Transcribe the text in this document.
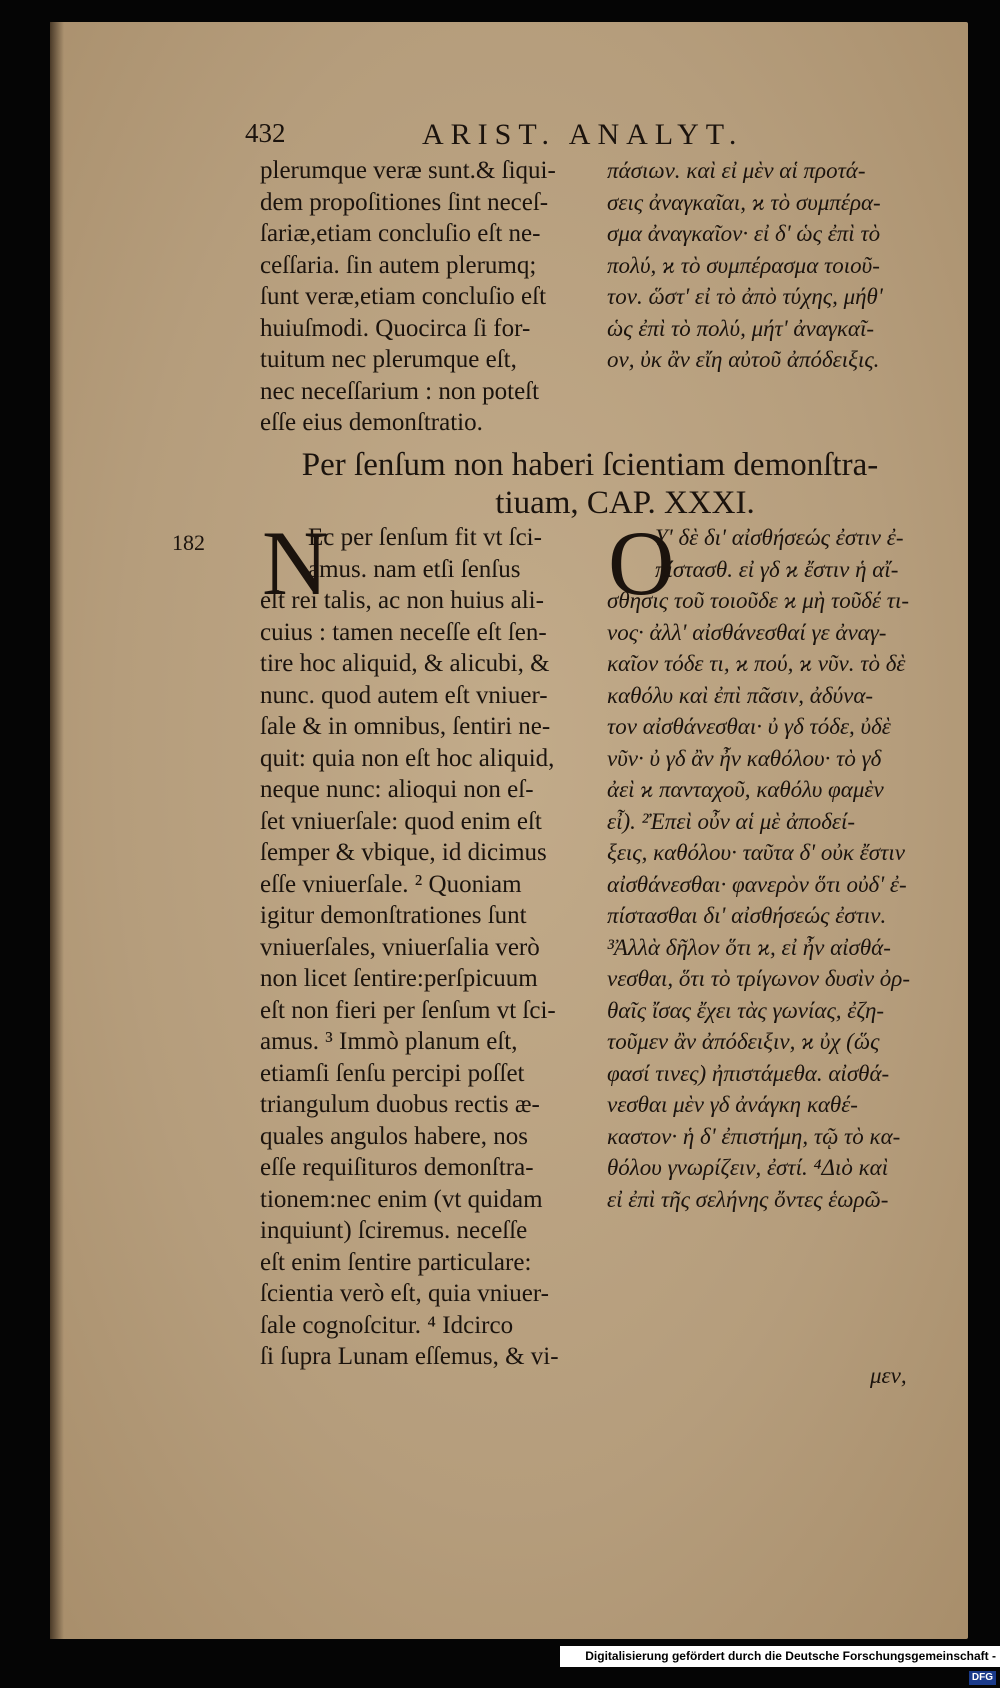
432	ARIST. ANALYT.
plerumque veræ sunt.& ſiqui-
dem propoſitiones ſint neceſ-
ſariæ,etiam concluſio eſt ne-
ceſſaria. ſin autem plerumq;
ſunt veræ,etiam concluſio eſt
huiuſmodi. Quocirca ſi for-
tuitum nec plerumque eſt,
nec neceſſarium : non poteſt
eſſe eius demonſtratio.
πάσιων. καὶ εἰ μὲν αἱ προτά-
σεις ἀναγκαῖαι, ϰ τὸ συμπέρα-
σμα ἀναγκαῖον· εἰ δ' ὡς ἐπὶ τὸ
πολύ, ϰ τὸ συμπέρασμα τοιοῦ-
τον. ὥστ' εἰ τὸ ἀπὸ τύχης, μήθ'
ὡς ἐπὶ τὸ πολύ, μήτ' ἀναγκαῖ-
ον, ὐκ ἂν εἴη αὐτοῦ ἀπόδειξις.
Per ſenſum non haberi ſcientiam demonſtra-
tiuam, CAP. XXXI.
182 N
Ec per ſenſum fit vt ſci-
amus. nam etſi ſenſus
eſt rei talis, ac non huius ali-
cuius : tamen neceſſe eſt ſen-
tire hoc aliquid, & alicubi, &
nunc. quod autem eſt vniuer-
ſale & in omnibus, ſentiri ne-
quit: quia non eſt hoc aliquid,
neque nunc: alioqui non eſ-
ſet vniuerſale: quod enim eſt
ſemper & vbique, id dicimus
eſſe vniuerſale. ² Quoniam
igitur demonſtrationes ſunt
vniuerſales, vniuerſalia verò
non licet ſentire:perſpicuum
eſt non fieri per ſenſum vt ſci-
amus. ³ Immò planum eſt,
etiamſi ſenſu percipi poſſet
triangulum duobus rectis æ-
quales angulos habere, nos
eſſe requiſituros demonſtra-
tionem:nec enim (vt quidam
inquiunt) ſciremus. neceſſe
eſt enim ſentire particulare:
ſcientia verò eſt, quia vniuer-
ſale cognoſcitur. ⁴ Idcirco
ſi ſupra Lunam eſſemus, & vi-
O
Υ' δὲ δι' αἰσθήσεώς ἐστιν ἐ-
πίστασθ. εἰ γδ ϰ ἔστιν ἡ αἴ-
σθησις τοῦ τοιοῦδε ϰ μὴ τοῦδέ τι-
νος· ἀλλ' αἰσθάνεσθαί γε ἀναγ-
καῖον τόδε τι, ϰ πού, ϰ νῦν. τὸ δὲ
καθόλυ καὶ ἐπὶ πᾶσιν, ἀδύνα-
τον αἰσθάνεσθαι· ὐ γδ τόδε, ὐδὲ
νῦν· ὐ γδ ἂν ἦν καθόλου· τὸ γδ
ἀεὶ ϰ πανταχοῦ, καθόλυ φαμὲν
εἶ). ²Ἐπεὶ οὖν αἱ μὲ ἀποδεί-
ξεις, καθόλου· ταῦτα δ' οὐκ ἔστιν
αἰσθάνεσθαι· φανερὸν ὅτι οὐδ' ἐ-
πίστασθαι δι' αἰσθήσεώς ἐστιν.
³Ἀλλὰ δῆλον ὅτι ϰ, εἰ ἦν αἰσθά-
νεσθαι, ὅτι τὸ τρίγωνον δυσὶν ὀρ-
θαῖς ἴσας ἔχει τὰς γωνίας, ἐζη-
τοῦμεν ἂν ἀπόδειξιν, ϰ ὐχ (ὥς
φασί τινες) ἠπιστάμεθα. αἰσθά-
νεσθαι μὲν γδ ἀνάγκη καθέ-
καστον· ἡ δ' ἐπιστήμη, τῷ τὸ κα-
θόλου γνωρίζειν, ἐστί. ⁴Διὸ καὶ
εἰ ἐπὶ τῆς σελήνης ὄντες ἑωρῶ-
μεν,
Digitalisierung gefördert durch die Deutsche Forschungsgemeinschaft -DFG
